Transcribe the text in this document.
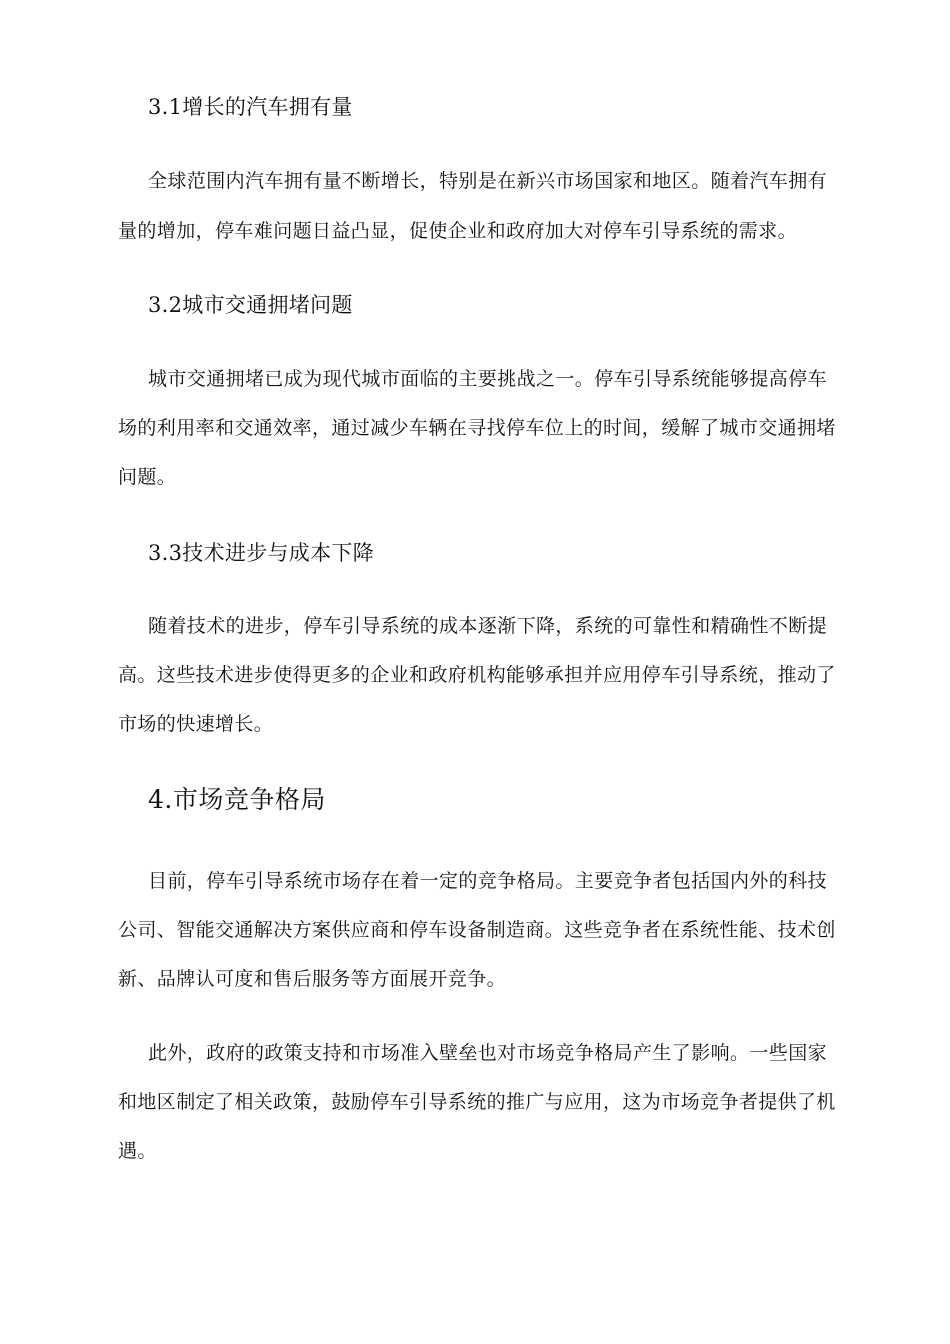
3.1增长的汽车拥有量
全球范围内汽车拥有量不断增长，特别是在新兴市场国家和地区。随着汽车拥有
量的增加，停车难问题日益凸显，促使企业和政府加大对停车引导系统的需求。
3.2城市交通拥堵问题
城市交通拥堵已成为现代城市面临的主要挑战之一。停车引导系统能够提高停车
场的利用率和交通效率，通过减少车辆在寻找停车位上的时间，缓解了城市交通拥堵
问题。
3.3技术进步与成本下降
随着技术的进步，停车引导系统的成本逐渐下降，系统的可靠性和精确性不断提
高。这些技术进步使得更多的企业和政府机构能够承担并应用停车引导系统，推动了
市场的快速增长。
4.市场竞争格局
目前，停车引导系统市场存在着一定的竞争格局。主要竞争者包括国内外的科技
公司、智能交通解决方案供应商和停车设备制造商。这些竞争者在系统性能、技术创
新、品牌认可度和售后服务等方面展开竞争。
此外，政府的政策支持和市场准入壁垒也对市场竞争格局产生了影响。一些国家
和地区制定了相关政策，鼓励停车引导系统的推广与应用，这为市场竞争者提供了机
遇。
